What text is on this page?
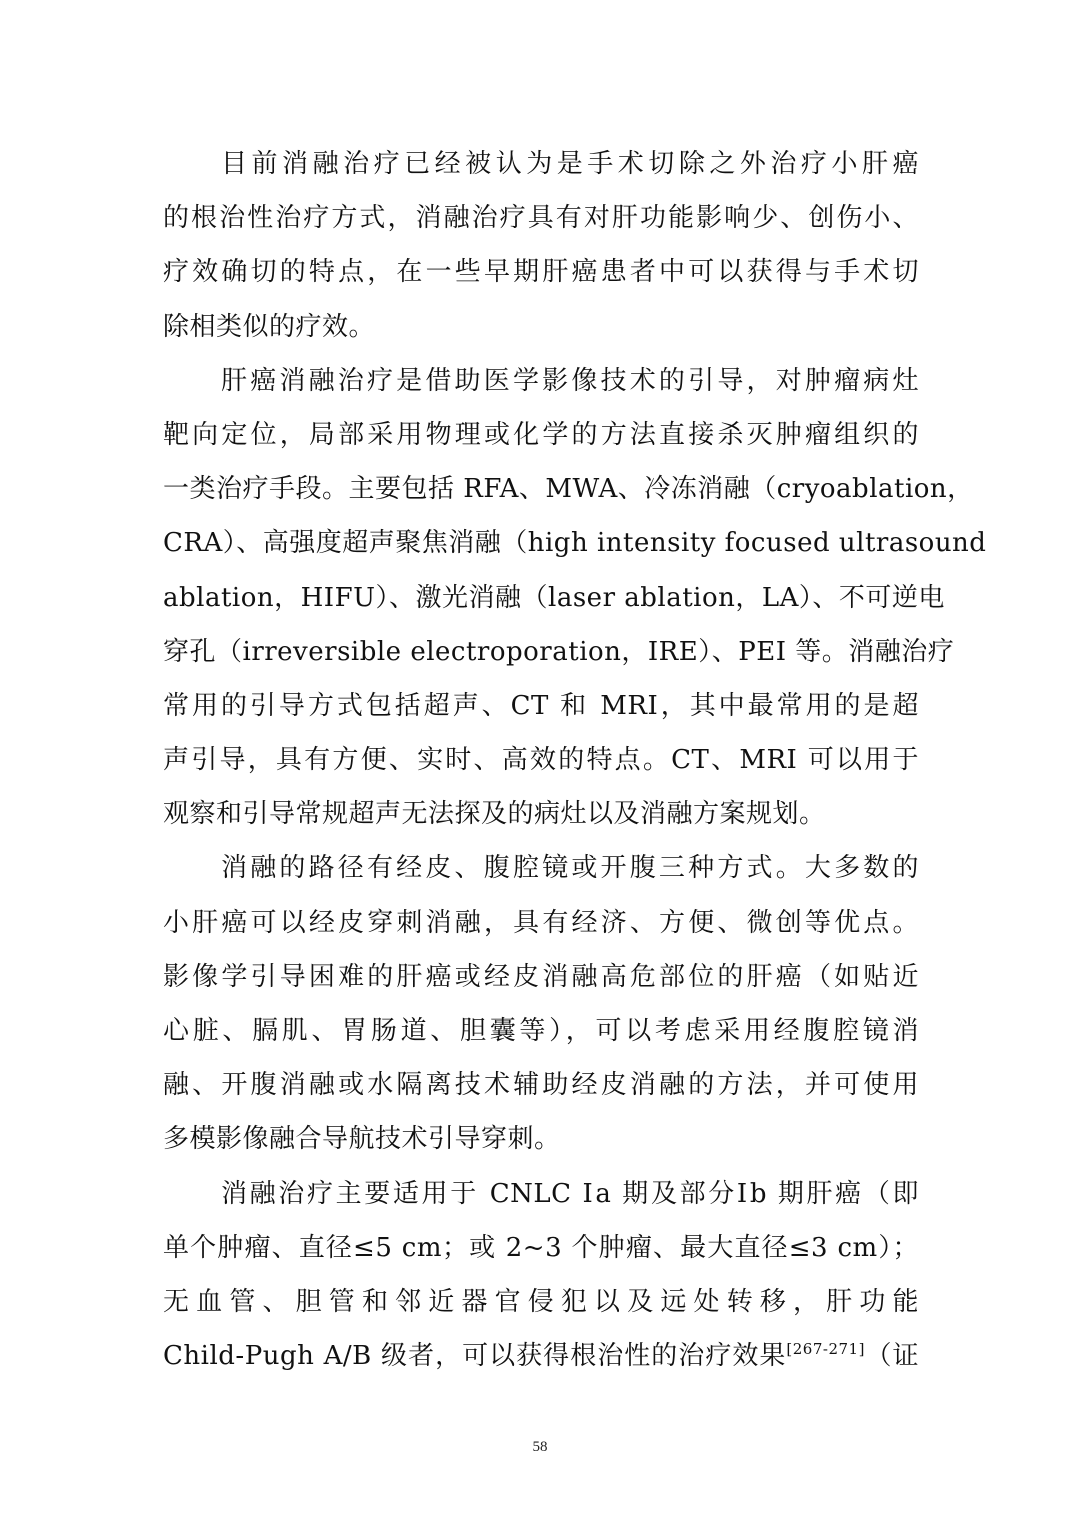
目前消融治疗已经被认为是手术切除之外治疗小肝癌
的根治性治疗方式，消融治疗具有对肝功能影响少、创伤小、
疗效确切的特点，在一些早期肝癌患者中可以获得与手术切
除相类似的疗效。
肝癌消融治疗是借助医学影像技术的引导，对肿瘤病灶
靶向定位，局部采用物理或化学的方法直接杀灭肿瘤组织的
一类治疗手段。主要包括 RFA、MWA、冷冻消融（cryoablation，
CRA）、高强度超声聚焦消融（high intensity focused ultrasound
ablation，HIFU）、激光消融（laser ablation，LA）、不可逆电
穿孔（irreversible electroporation，IRE）、PEI 等。消融治疗
常用的引导方式包括超声、CT 和 MRI，其中最常用的是超
声引导，具有方便、实时、高效的特点。CT、MRI 可以用于
观察和引导常规超声无法探及的病灶以及消融方案规划。
消融的路径有经皮、腹腔镜或开腹三种方式。大多数的
小肝癌可以经皮穿刺消融，具有经济、方便、微创等优点。
影像学引导困难的肝癌或经皮消融高危部位的肝癌（如贴近
心脏、膈肌、胃肠道、胆囊等），可以考虑采用经腹腔镜消
融、开腹消融或水隔离技术辅助经皮消融的方法，并可使用
多模影像融合导航技术引导穿刺。
消融治疗主要适用于 CNLC Ⅰa 期及部分Ⅰb 期肝癌（即
单个肿瘤、直径≤5 cm；或 2~3 个肿瘤、最大直径≤3 cm）；
无血管、胆管和邻近器官侵犯以及远处转移，肝功能
Child-Pugh A/B 级者，可以获得根治性的治疗效果[267-271]（证
58
